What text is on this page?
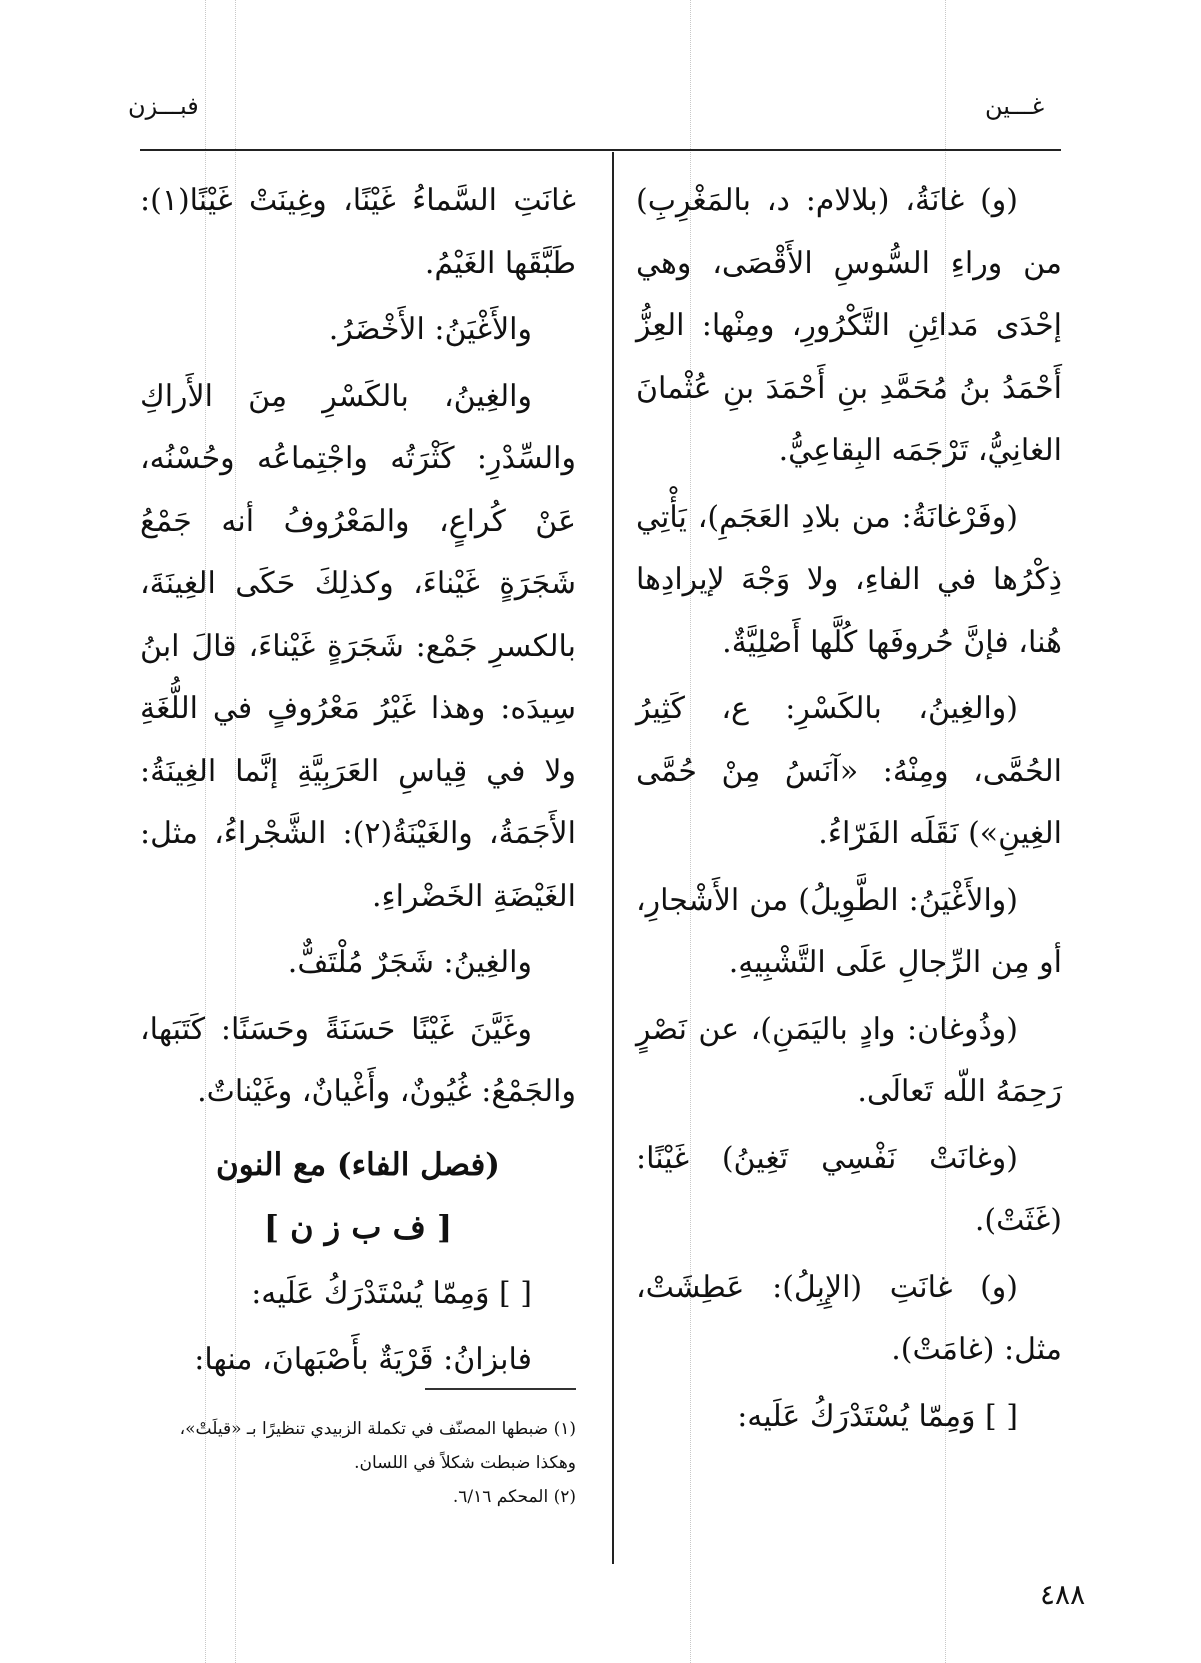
غـــين
فبـــزن

(و) غانَةُ، (بلالام: د، بالمَغْرِبِ) من وراءِ السُّوسِ الأَقْصَى، وهي إحْدَى مَدائِنِ التَّكْرُورِ، ومِنْها: العِزُّ أَحْمَدُ بنُ مُحَمَّدِ بنِ أَحْمَدَ بنِ عُثْمانَ الغانِيُّ، تَرْجَمَه البِقاعِيُّ.

(وفَرْغانَةُ: من بلادِ العَجَمِ)، يَأْتِي ذِكْرُها في الفاءِ، ولا وَجْهَ لإيرادِها هُنا، فإنَّ حُروفَها كُلَّها أَصْلِيَّةٌ.

(والغِينُ، بالكَسْرِ: ع، كَثِيرُ الحُمَّى، ومِنْهُ: «آنَسُ مِنْ حُمَّى الغِينِ») نَقَلَه الفَرّاءُ.

(والأَغْيَنُ: الطَّوِيلُ) من الأَشْجارِ، أو مِن الرِّجالِ عَلَى التَّشْبِيهِ.

(وذُوغان: وادٍ باليَمَنِ)، عن نَصْرٍ رَحِمَهُ اللّه تَعالَى.

(وغانَتْ نَفْسِي تَغِينُ) غَيْنًا: (غَثَتْ).

(و) غانَتِ (الإِبِلُ): عَطِشَتْ، مثل: (غامَتْ).

[ ] وَمِمّا يُسْتَدْرَكُ عَلَيه:

غانَتِ السَّماءُ غَيْنًا، وغِينَتْ غَيْنًا(١): طَبَّقَها الغَيْمُ.

والأَغْيَنُ: الأَخْضَرُ.

والغِينُ، بالكَسْرِ مِنَ الأَراكِ والسِّدْرِ: كَثْرَتُه واجْتِماعُه وحُسْنُه، عَنْ كُراعٍ، والمَعْرُوفُ أنه جَمْعُ شَجَرَةٍ غَيْناءَ، وكذلِكَ حَكَى الغِينَةَ، بالكسرِ جَمْع: شَجَرَةٍ غَيْناءَ، قالَ ابنُ سِيدَه: وهذا غَيْرُ مَعْرُوفٍ في اللُّغَةِ ولا في قِياسِ العَرَبِيَّةِ إنَّما الغِينَةُ: الأَجَمَةُ، والغَيْنَةُ(٢): الشَّجْراءُ، مثل: الغَيْضَةِ الخَضْراءِ.

والغِينُ: شَجَرٌ مُلْتَفٌّ.

وغَيَّنَ غَيْنًا حَسَنَةً وحَسَنًا: كَتَبَها، والجَمْعُ: غُيُونٌ، وأَغْيانٌ، وغَيْناتٌ.

(فصل الفاء) مع النون

[ ف ب ز ن ]

[ ] وَمِمّا يُسْتَدْرَكُ عَلَيه:

فابزانُ: قَرْيَةٌ بأَصْبَهانَ، منها:

(١) ضبطها المصنّف في تكملة الزبيدي تنظيرًا بـ «قيلَتْ»، وهكذا ضبطت شكلاً في اللسان.

(٢) المحكم ٦/١٦.

٤٨٨
